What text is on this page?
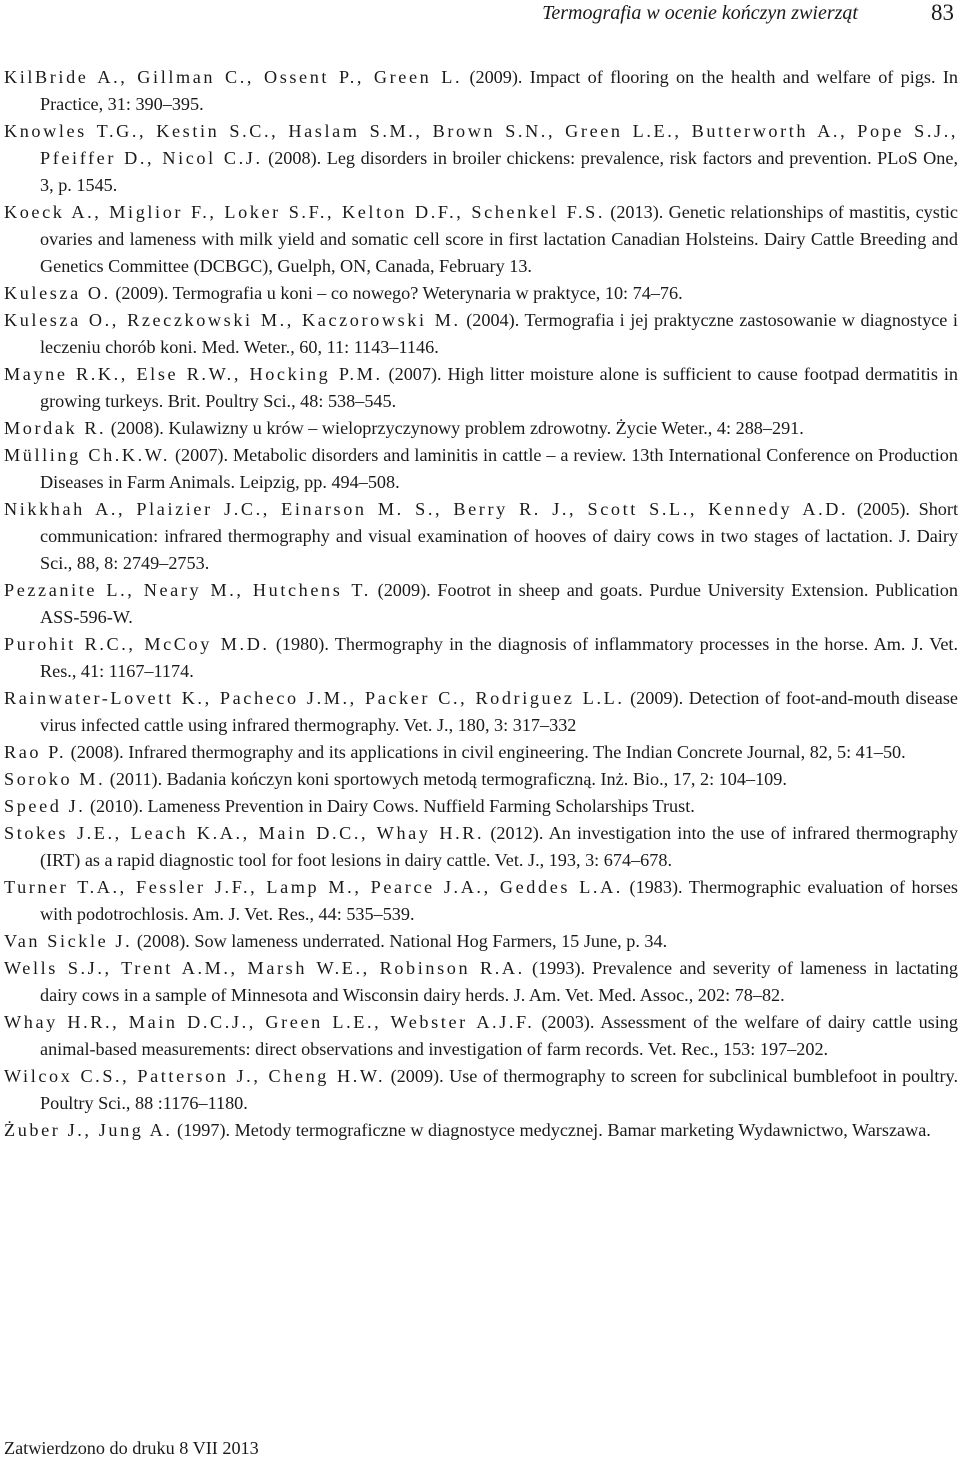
Termografia w ocenie kończyn zwierząt	83
KilBride A., Gillman C., Ossent P., Green L. (2009). Impact of flooring on the health and welfare of pigs. In Practice, 31: 390–395.
Knowles T.G., Kestin S.C., Haslam S.M., Brown S.N., Green L.E., Butterworth A., Pope S.J., Pfeiffer D., Nicol C.J. (2008). Leg disorders in broiler chickens: prevalence, risk factors and prevention. PLoS One, 3, p. 1545.
Koeck A., Miglior F., Loker S.F., Kelton D.F., Schenkel F.S. (2013). Genetic relationships of mastitis, cystic ovaries and lameness with milk yield and somatic cell score in first lactation Canadian Holsteins. Dairy Cattle Breeding and Genetics Committee (DCBGC), Guelph, ON, Canada, February 13.
Kulesza O. (2009). Termografia u koni – co nowego? Weterynaria w praktyce, 10: 74–76.
Kulesza O., Rzeczkowski M., Kaczorowski M. (2004). Termografia i jej praktyczne zastosowanie w diagnostyce i leczeniu chorób koni. Med. Weter., 60, 11: 1143–1146.
Mayne R.K., Else R.W., Hocking P.M. (2007). High litter moisture alone is sufficient to cause footpad dermatitis in growing turkeys. Brit. Poultry Sci., 48: 538–545.
Mordak R. (2008). Kulawizny u krów – wieloprzyczynowy problem zdrowotny. Życie Weter., 4: 288–291.
Mülling Ch.K.W. (2007). Metabolic disorders and laminitis in cattle – a review. 13th International Conference on Production Diseases in Farm Animals. Leipzig, pp. 494–508.
Nikkhah A., Plaizier J.C., Einarson M. S., Berry R. J., Scott S.L., Kennedy A.D. (2005). Short communication: infrared thermography and visual examination of hooves of dairy cows in two stages of lactation. J. Dairy Sci., 88, 8: 2749–2753.
Pezzanite L., Neary M., Hutchens T. (2009). Footrot in sheep and goats. Purdue University Extension. Publication ASS-596-W.
Purohit R.C., McCoy M.D. (1980). Thermography in the diagnosis of inflammatory processes in the horse. Am. J. Vet. Res., 41: 1167–1174.
Rainwater-Lovett K., Pacheco J.M., Packer C., Rodriguez L.L. (2009). Detection of foot-and-mouth disease virus infected cattle using infrared thermography. Vet. J., 180, 3: 317–332
Rao P. (2008). Infrared thermography and its applications in civil engineering. The Indian Concrete Journal, 82, 5: 41–50.
Soroko M. (2011). Badania kończyn koni sportowych metodą termograficzną. Inż. Bio., 17, 2: 104–109.
Speed J. (2010). Lameness Prevention in Dairy Cows. Nuffield Farming Scholarships Trust.
Stokes J.E., Leach K.A., Main D.C., Whay H.R. (2012). An investigation into the use of infrared thermography (IRT) as a rapid diagnostic tool for foot lesions in dairy cattle. Vet. J., 193, 3: 674–678.
Turner T.A., Fessler J.F., Lamp M., Pearce J.A., Geddes L.A. (1983). Thermographic evaluation of horses with podotrochlosis. Am. J. Vet. Res., 44: 535–539.
Van Sickle J. (2008). Sow lameness underrated. National Hog Farmers, 15 June, p. 34.
Wells S.J., Trent A.M., Marsh W.E., Robinson R.A. (1993). Prevalence and severity of lameness in lactating dairy cows in a sample of Minnesota and Wisconsin dairy herds. J. Am. Vet. Med. Assoc., 202: 78–82.
Whay H.R., Main D.C.J., Green L.E., Webster A.J.F. (2003). Assessment of the welfare of dairy cattle using animal-based measurements: direct observations and investigation of farm records. Vet. Rec., 153: 197–202.
Wilcox C.S., Patterson J., Cheng H.W. (2009). Use of thermography to screen for subclinical bumblefoot in poultry. Poultry Sci., 88 :1176–1180.
Żuber J., Jung A. (1997). Metody termograficzne w diagnostyce medycznej. Bamar marketing Wydawnictwo, Warszawa.
Zatwierdzono do druku 8 VII 2013
